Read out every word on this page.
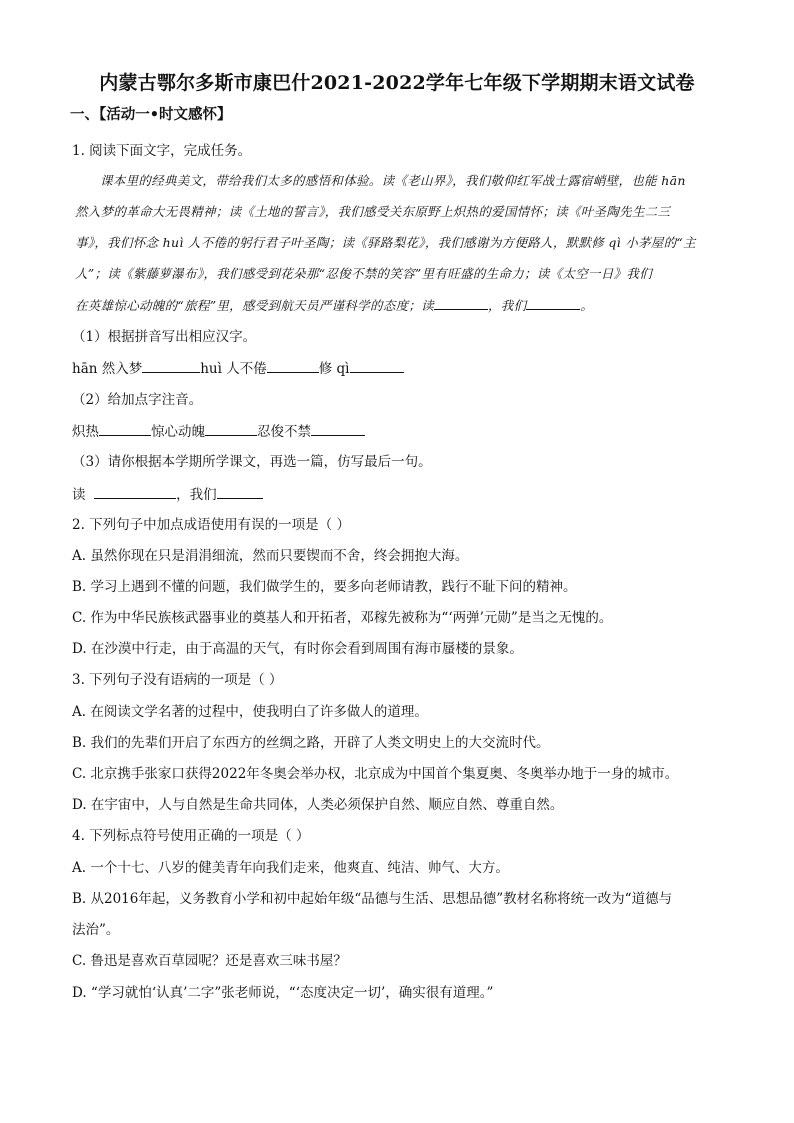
内蒙古鄂尔多斯市康巴什2021-2022学年七年级下学期期末语文试卷
一、【活动一•时文感怀】
1. 阅读下面文字，完成任务。
课本里的经典美文，带给我们太多的感悟和体验。读《老山界》，我们敬仰红军战士露宿峭壁，也能 hān
然入梦的革命大无畏精神；读《土地的誓言》，我们感受关东原野上炽热的爱国情怀；读《叶圣陶先生二三
事》，我们怀念 huì 人不倦的躬行君子叶圣陶；读《驿路梨花》，我们感谢为方便路人，默默修 qì 小茅屋的“主
人”；读《紫藤萝瀑布》，我们感受到花朵那“忍俊不禁的笑容”里有旺盛的生命力；读《太空一日》我们
在英雄惊心动魄的“旅程”里，感受到航天员严谨科学的态度；读	，我们	。
（1）根据拼音写出相应汉字。
hān 然入梦	huì 人不倦	修 qì
（2）给加点字注音。
炽热	惊心动魄	忍俊不禁
（3）请你根据本学期所学课文，再选一篇，仿写最后一句。
读	，我们
2. 下列句子中加点成语使用有误的一项是（ ）
A. 虽然你现在只是涓涓细流，然而只要锲而不舍，终会拥抱大海。
B. 学习上遇到不懂的问题，我们做学生的，要多向老师请教，践行不耻下问的精神。
C. 作为中华民族核武器事业的奠基人和开拓者，邓稼先被称为“‘两弹’元勋”是当之无愧的。
D. 在沙漠中行走，由于高温的天气，有时你会看到周围有海市蜃楼的景象。
3. 下列句子没有语病的一项是（ ）
A. 在阅读文学名著的过程中，使我明白了许多做人的道理。
B. 我们的先辈们开启了东西方的丝绸之路，开辟了人类文明史上的大交流时代。
C. 北京携手张家口获得2022年冬奥会举办权，北京成为中国首个集夏奥、冬奥举办地于一身的城市。
D. 在宇宙中，人与自然是生命共同体，人类必须保护自然、顺应自然、尊重自然。
4. 下列标点符号使用正确的一项是（ ）
A. 一个十七、八岁的健美青年向我们走来，他爽直、纯洁、帅气、大方。
B. 从2016年起，义务教育小学和初中起始年级“品德与生活、思想品德”教材名称将统一改为“道德与
法治”。
C. 鲁迅是喜欢百草园呢？还是喜欢三味书屋？
D. “学习就怕‘认真’二字”张老师说，“‘态度决定一切’，确实很有道理。”
